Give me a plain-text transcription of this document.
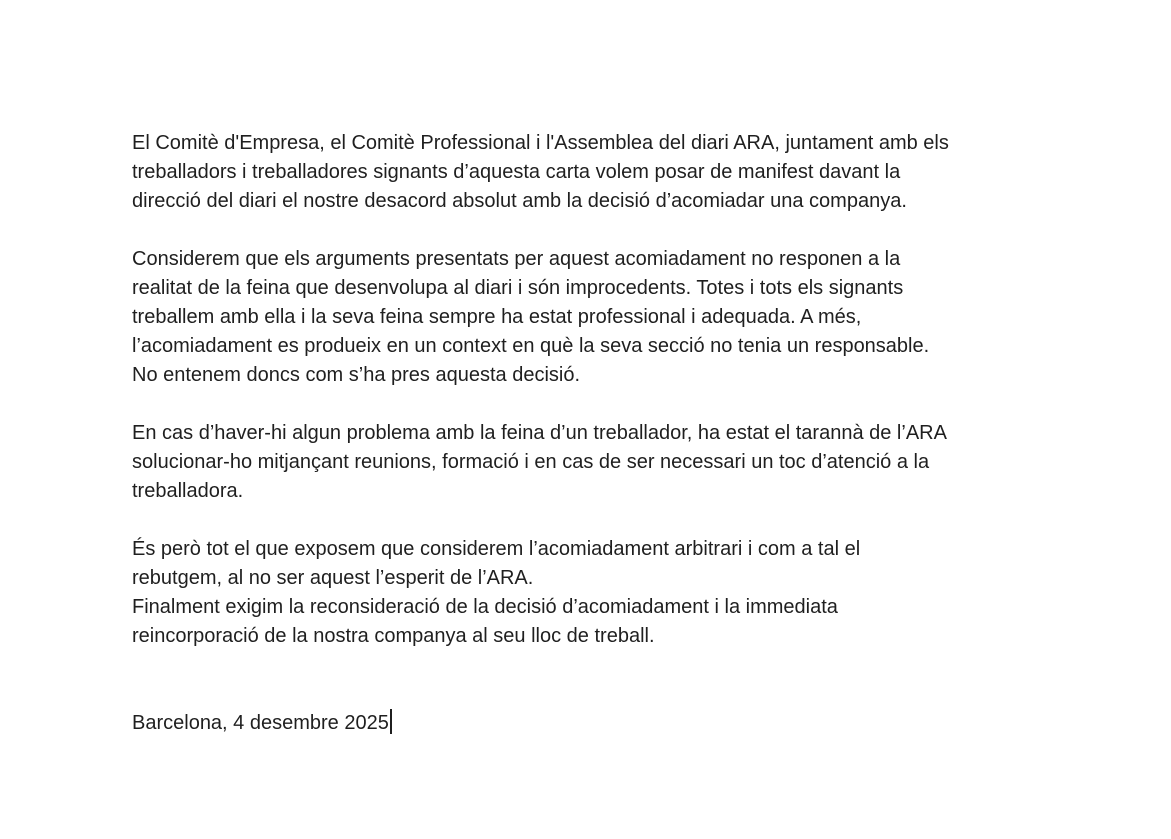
El Comitè d'Empresa, el Comitè Professional i l'Assemblea del diari ARA, juntament amb els
treballadors i treballadores signants d’aquesta carta volem posar de manifest davant la
direcció del diari el nostre desacord absolut amb la decisió d’acomiadar una companya.

Considerem que els arguments presentats per aquest acomiadament no responen a la
realitat de la feina que desenvolupa al diari i són improcedents. Totes i tots els signants
treballem amb ella i la seva feina sempre ha estat professional i adequada. A més,
l’acomiadament es produeix en un context en què la seva secció no tenia un responsable.
No entenem doncs com s’ha pres aquesta decisió.

En cas d’haver-hi algun problema amb la feina d’un treballador, ha estat el tarannà de l’ARA
solucionar-ho mitjançant reunions, formació i en cas de ser necessari un toc d’atenció a la
treballadora.

És però tot el que exposem que considerem l’acomiadament arbitrari i com a tal el
rebutgem, al no ser aquest l’esperit de l’ARA.
Finalment exigim la reconsideració de la decisió d’acomiadament i la immediata
reincorporació de la nostra companya al seu lloc de treball.

Barcelona, 4 desembre 2025
